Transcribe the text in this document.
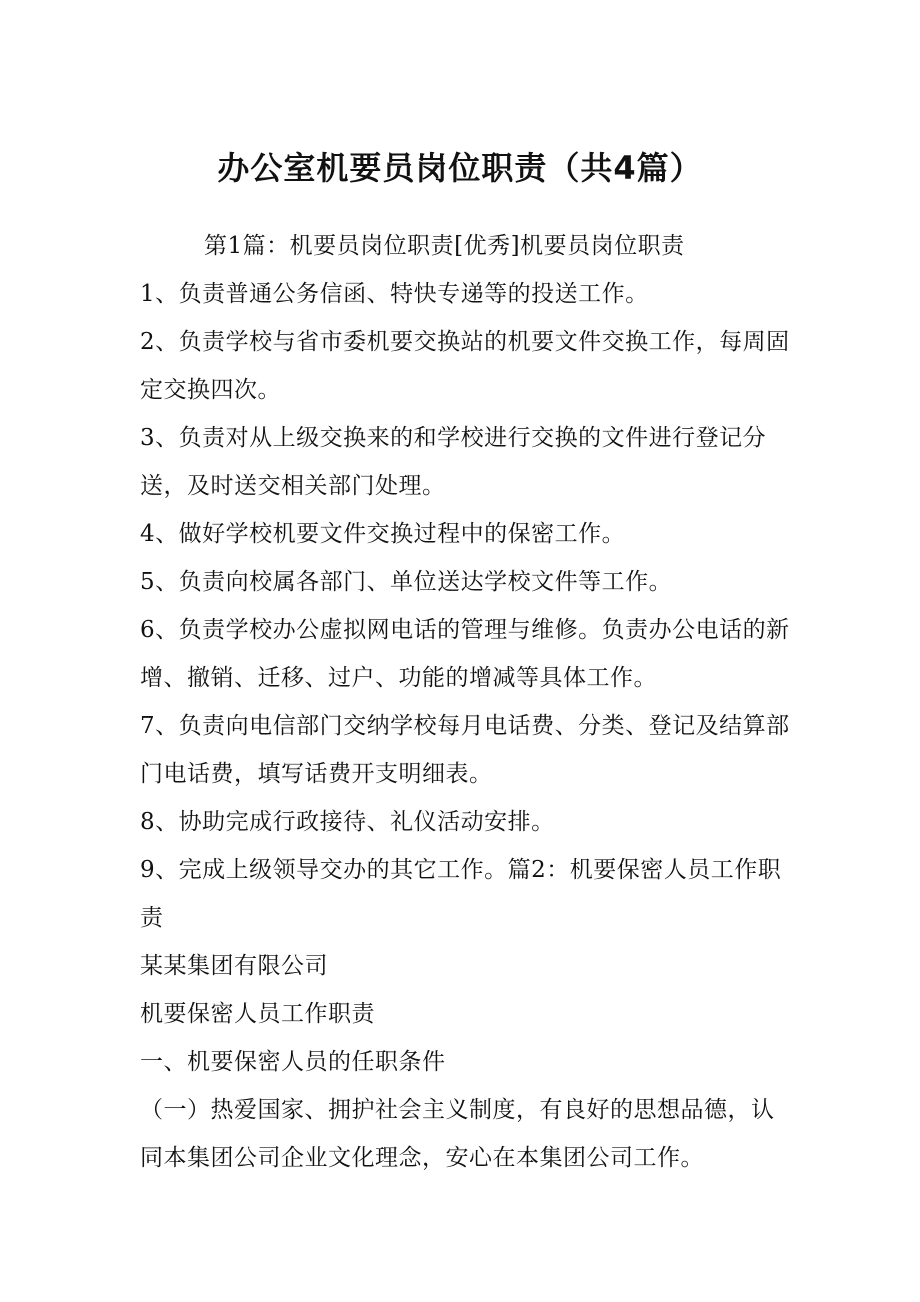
办公室机要员岗位职责（共4篇）

第1篇：机要员岗位职责[优秀]机要员岗位职责

1、负责普通公务信函、特快专递等的投送工作。

2、负责学校与省市委机要交换站的机要文件交换工作，每周固定交换四次。

3、负责对从上级交换来的和学校进行交换的文件进行登记分送，及时送交相关部门处理。

4、做好学校机要文件交换过程中的保密工作。

5、负责向校属各部门、单位送达学校文件等工作。

6、负责学校办公虚拟网电话的管理与维修。负责办公电话的新增、撤销、迁移、过户、功能的增减等具体工作。

7、负责向电信部门交纳学校每月电话费、分类、登记及结算部门电话费，填写话费开支明细表。

8、协助完成行政接待、礼仪活动安排。

9、完成上级领导交办的其它工作。篇2：机要保密人员工作职责

某某集团有限公司

机要保密人员工作职责

一、机要保密人员的任职条件

（一）热爱国家、拥护社会主义制度，有良好的思想品德，认同本集团公司企业文化理念，安心在本集团公司工作。
